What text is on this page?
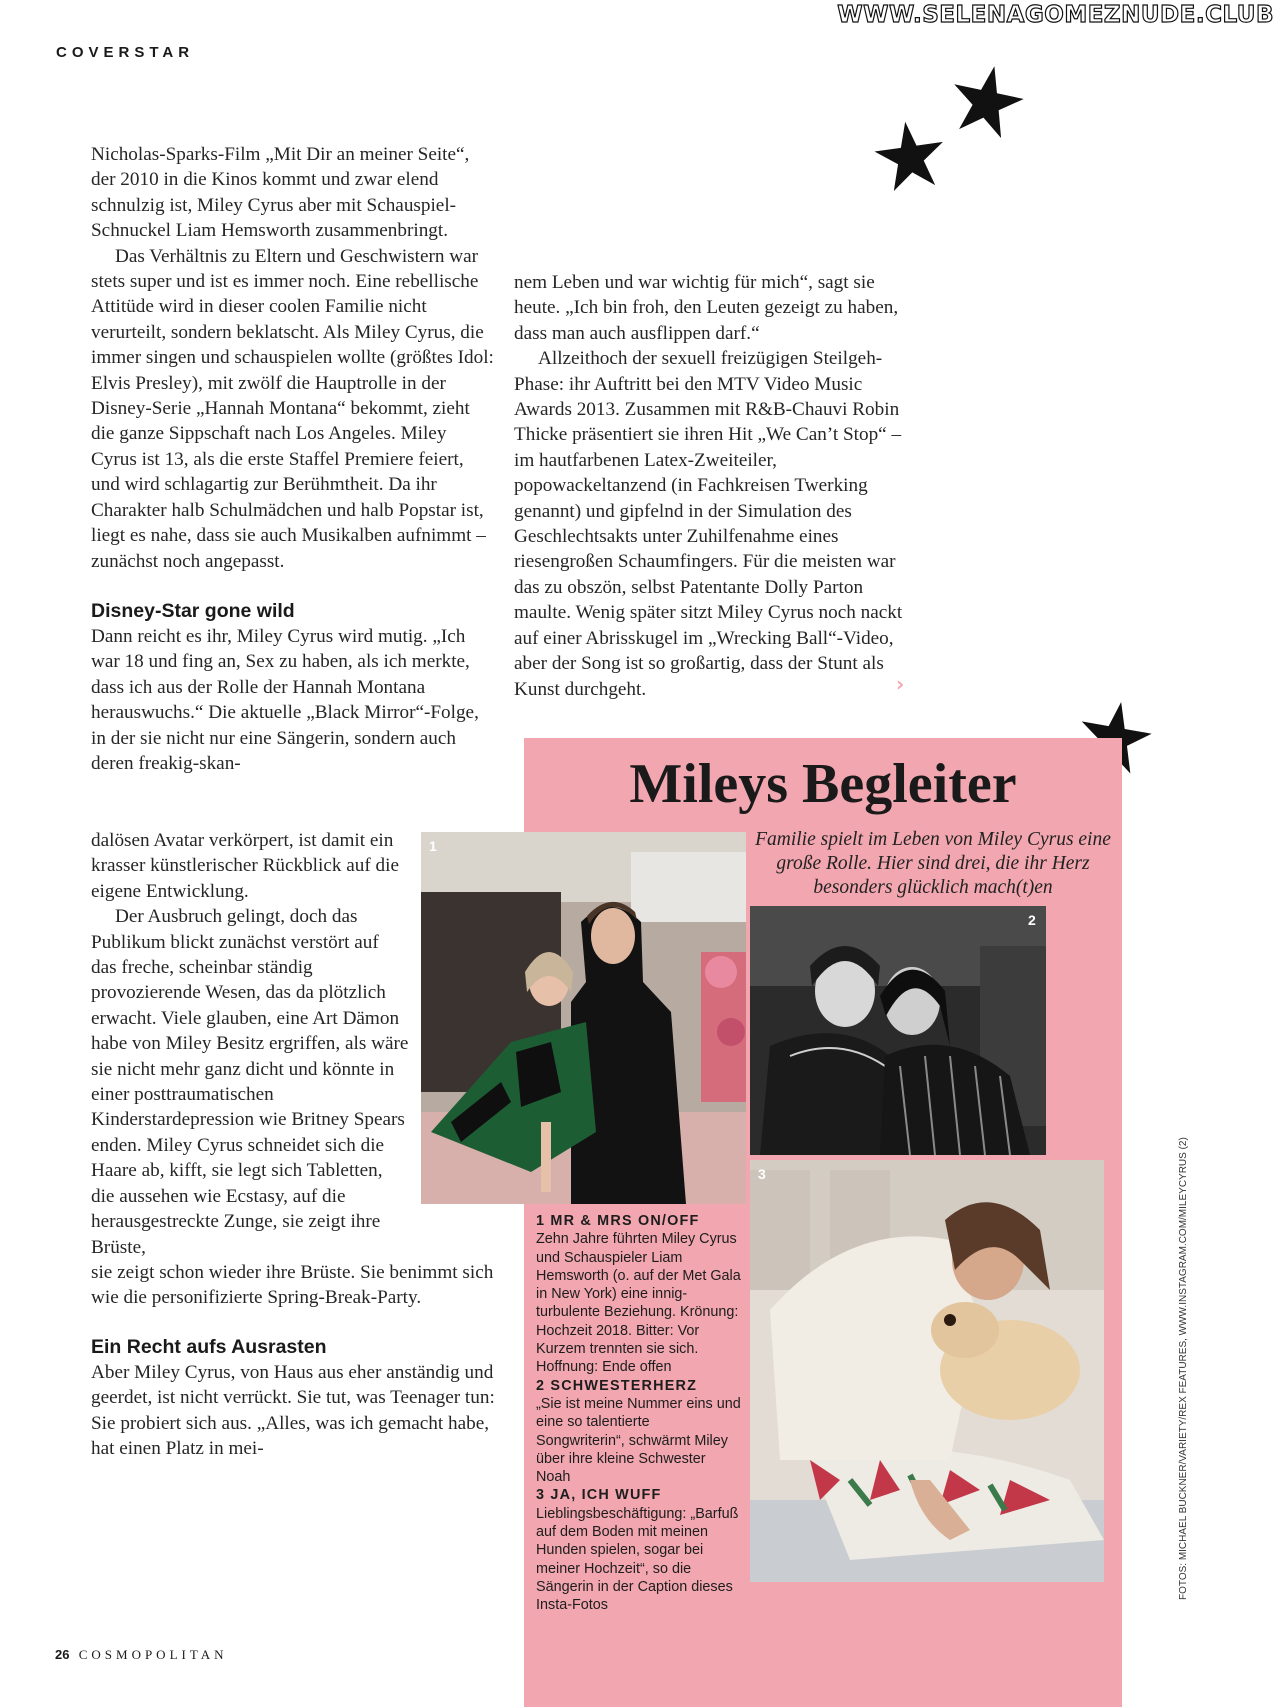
COVERSTAR
WWW.SELENAGOMEZNUDE.CLUB

Nicholas-Sparks-Film „Mit Dir an meiner Seite“, der 2010 in die Kinos kommt und zwar elend schnulzig ist, Miley Cyrus aber mit Schauspiel-Schnuckel Liam Hemsworth zusammenbringt.

Das Verhältnis zu Eltern und Geschwistern war stets super und ist es immer noch. Eine rebellische Attitüde wird in dieser coolen Familie nicht verurteilt, sondern beklatscht. Als Miley Cyrus, die immer singen und schauspielen wollte (größtes Idol: Elvis Presley), mit zwölf die Hauptrolle in der Disney-Serie „Hannah Montana“ bekommt, zieht die ganze Sippschaft nach Los Angeles. Miley Cyrus ist 13, als die erste Staffel Premiere feiert, und wird schlagartig zur Berühmtheit. Da ihr Charakter halb Schulmädchen und halb Popstar ist, liegt es nahe, dass sie auch Musikalben aufnimmt – zunächst noch angepasst.

Disney-Star gone wild

Dann reicht es ihr, Miley Cyrus wird mutig. „Ich war 18 und fing an, Sex zu haben, als ich merkte, dass ich aus der Rolle der Hannah Montana herauswuchs.“ Die aktuelle „Black Mirror“-Folge, in der sie nicht nur eine Sängerin, sondern auch deren freakig-skan-

dalösen Avatar verkörpert, ist damit ein krasser künstlerischer Rückblick auf die eigene Entwicklung.

Der Ausbruch gelingt, doch das Publikum blickt zunächst verstört auf das freche, scheinbar ständig provozierende Wesen, das da plötzlich erwacht. Viele glauben, eine Art Dämon habe von Miley Besitz ergriffen, als wäre sie nicht mehr ganz dicht und könnte in einer posttraumatischen Kinderstardepression wie Britney Spears enden. Miley Cyrus schneidet sich die Haare ab, kifft, sie legt sich Tabletten, die aussehen wie Ecstasy, auf die herausgestreckte Zunge, sie zeigt ihre Brüste,

sie zeigt schon wieder ihre Brüste. Sie benimmt sich wie die personifizierte Spring-Break-Party.

Ein Recht aufs Ausrasten

Aber Miley Cyrus, von Haus aus eher anständig und geerdet, ist nicht verrückt. Sie tut, was Teenager tun: Sie probiert sich aus. „Alles, was ich gemacht habe, hat einen Platz in mei-

nem Leben und war wichtig für mich“, sagt sie heute. „Ich bin froh, den Leuten gezeigt zu haben, dass man auch ausflippen darf.“

Allzeithoch der sexuell freizügigen Steilgeh-Phase: ihr Auftritt bei den MTV Video Music Awards 2013. Zusammen mit R&B-Chauvi Robin Thicke präsentiert sie ihren Hit „We Can’t Stop“ – im hautfarbenen Latex-Zweiteiler, popowackeltanzend (in Fachkreisen Twerking genannt) und gipfelnd in der Simulation des Geschlechtsakts unter Zuhilfenahme eines riesengroßen Schaumfingers. Für die meisten war das zu obszön, selbst Patentante Dolly Parton maulte. Wenig später sitzt Miley Cyrus noch nackt auf einer Abrisskugel im „Wrecking Ball“-Video, aber der Song ist so großartig, dass der Stunt als Kunst durchgeht.	›
Mileys Begleiter
Familie spielt im Leben von Miley Cyrus eine große Rolle. Hier sind drei, die ihr Herz besonders glücklich mach(t)en
1
2
3
1 MR & MRS ON/OFF
Zehn Jahre führten Miley Cyrus und Schauspieler Liam Hemsworth (o. auf der Met Gala in New York) eine innig-turbulente Beziehung. Krönung: Hochzeit 2018. Bitter: Vor Kurzem trennten sie sich. Hoffnung: Ende offen
2 SCHWESTERHERZ
„Sie ist meine Nummer eins und eine so talentierte Songwriterin“, schwärmt Miley über ihre kleine Schwester Noah
3 JA, ICH WUFF
Lieblingsbeschäftigung: „Barfuß auf dem Boden mit meinen Hunden spielen, sogar bei meiner Hochzeit“, so die Sängerin in der Caption dieses Insta-Fotos
FOTOS: MICHAEL BUCKNER/VARIETY/REX FEATURES, WWW.INSTAGRAM.COM/MILEYCYRUS (2)
26 COSMOPOLITAN
